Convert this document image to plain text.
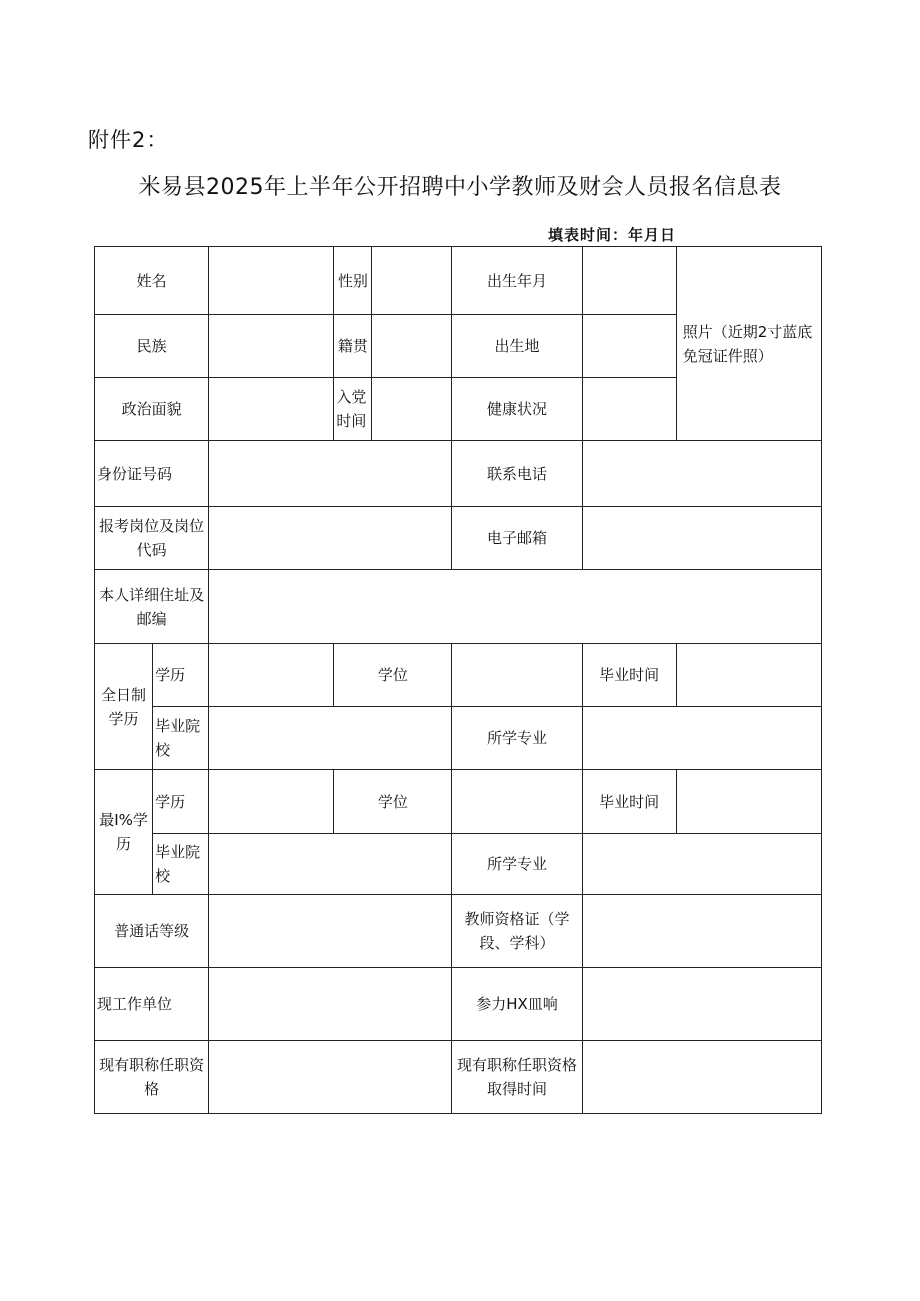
附件2：
米易县2025年上半年公开招聘中小学教师及财会人员报名信息表
填表时间：年月日
姓名			性别		出生年月		照片（近期2寸蓝底免冠证件照）
民族			籍贯		出生地		
政治面貌			入党时间		健康状况		
身份证号码					联系电话		
报考岗位及岗位代码					电子邮箱		
本人详细住址及邮编							
全日制学历	学历		学位			毕业时间	
	毕业院校				所学专业		
最I%学历	学历		学位			毕业时间	
	毕业院校				所学专业		
普通话等级					教师资格证（学段、学科）		
现工作单位					参力HX皿响		
现有职称任职资格					现有职称任职资格取得时间		
